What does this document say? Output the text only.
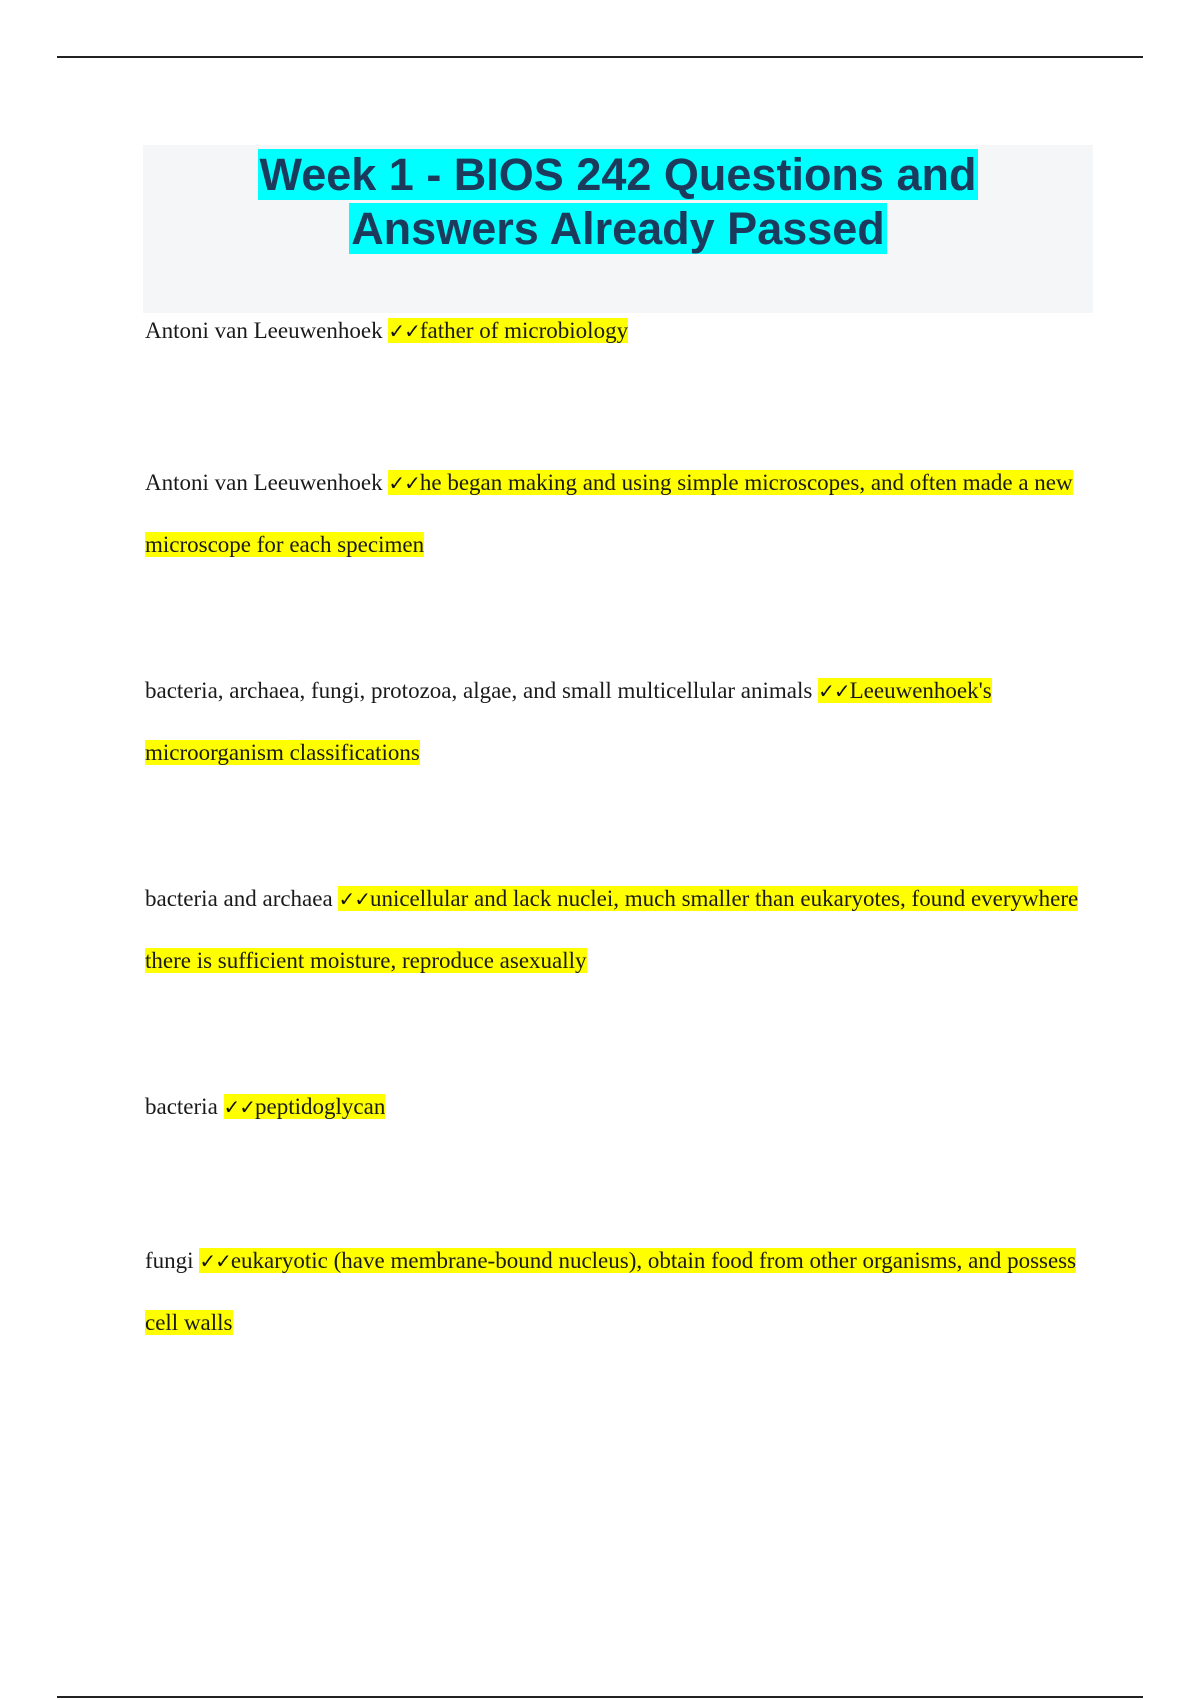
Week 1 - BIOS 242 Questions and
Answers Already Passed

Antoni van Leeuwenhoek ✓✓father of microbiology

Antoni van Leeuwenhoek ✓✓he began making and using simple microscopes, and often made a new microscope for each specimen

bacteria, archaea, fungi, protozoa, algae, and small multicellular animals ✓✓Leeuwenhoek's microorganism classifications

bacteria and archaea ✓✓unicellular and lack nuclei, much smaller than eukaryotes, found everywhere there is sufficient moisture, reproduce asexually

bacteria ✓✓peptidoglycan

fungi ✓✓eukaryotic (have membrane-bound nucleus), obtain food from other organisms, and possess cell walls
